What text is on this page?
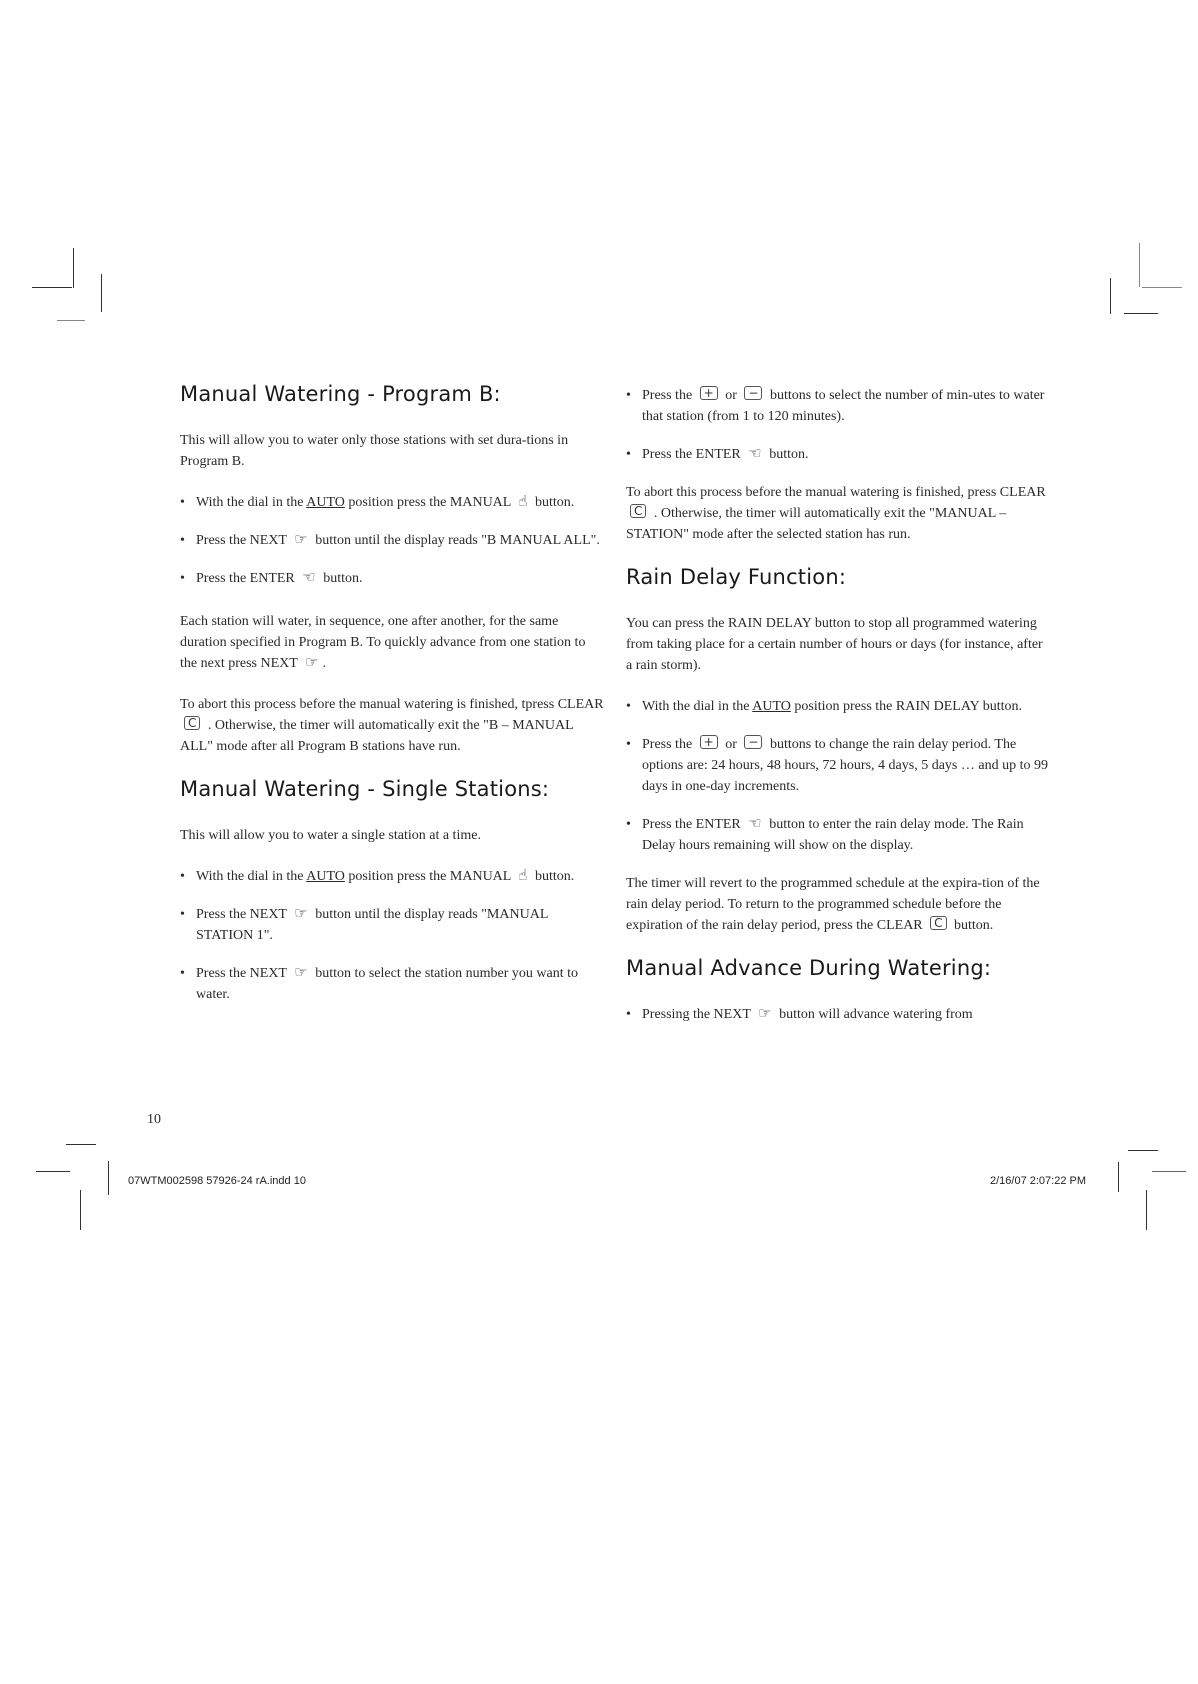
Manual Watering - Program B:

This will allow you to water only those stations with set dura-tions in Program B.

• With the dial in the AUTO position press the MANUAL ☝ button.
• Press the NEXT ☞ button until the display reads "B MANUAL ALL".
• Press the ENTER ☜ button.

Each station will water, in sequence, one after another, for the same duration specified in Program B. To quickly advance from one station to the next press NEXT ☞ .

To abort this process before the manual watering is finished, tpress CLEAR C . Otherwise, the timer will automatically exit the "B – MANUAL ALL" mode after all Program B stations have run.

Manual Watering - Single Stations:

This will allow you to water a single station at a time.

• With the dial in the AUTO position press the MANUAL ☝ button.
• Press the NEXT ☞ button until the display reads "MANUAL STATION 1".
• Press the NEXT ☞ button to select the station number you want to water.
• Press the + or − buttons to select the number of min-utes to water that station (from 1 to 120 minutes).
• Press the ENTER ☜ button.

To abort this process before the manual watering is finished, press CLEAR C . Otherwise, the timer will automatically exit the "MANUAL – STATION" mode after the selected station has run.

Rain Delay Function:

You can press the RAIN DELAY button to stop all programmed watering from taking place for a certain number of hours or days (for instance, after a rain storm).

• With the dial in the AUTO position press the RAIN DELAY button.
• Press the + or − buttons to change the rain delay period. The options are: 24 hours, 48 hours, 72 hours, 4 days, 5 days … and up to 99 days in one-day increments.
• Press the ENTER ☜ button to enter the rain delay mode. The Rain Delay hours remaining will show on the display.

The timer will revert to the programmed schedule at the expira-tion of the rain delay period. To return to the programmed schedule before the expiration of the rain delay period, press the CLEAR C button.

Manual Advance During Watering:
• Pressing the NEXT ☞ button will advance watering from
10
07WTM002598 57926-24 rA.indd 10	2/16/07 2:07:22 PM
